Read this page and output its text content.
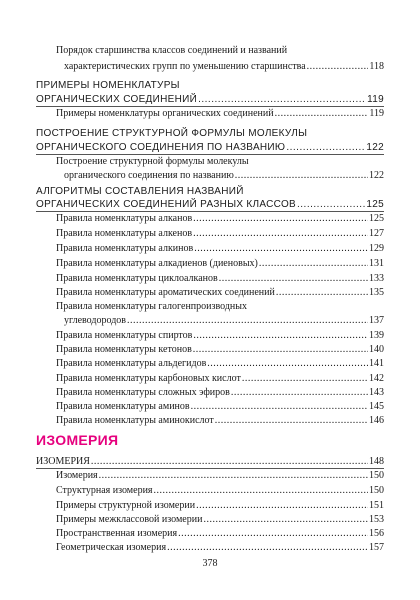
Порядок старшинства классов соединений и названий
характеристических групп по уменьшению старшинства .....	118
ПРИМЕРЫ НОМЕНКЛАТУРЫ
ОРГАНИЧЕСКИХ СОЕДИНЕНИЙ .....	119
Примеры номенклатуры органических соединений .....	119
ПОСТРОЕНИЕ СТРУКТУРНОЙ ФОРМУЛЫ МОЛЕКУЛЫ
ОРГАНИЧЕСКОГО СОЕДИНЕНИЯ ПО НАЗВАНИЮ .....	122
Построение структурной формулы молекулы
органического соединения по названию .....	122
АЛГОРИТМЫ СОСТАВЛЕНИЯ НАЗВАНИЙ
ОРГАНИЧЕСКИХ СОЕДИНЕНИЙ РАЗНЫХ КЛАССОВ .....	125
Правила номенклатуры алканов .....	125
Правила номенклатуры алкенов .....	127
Правила номенклатуры алкинов .....	129
Правила номенклатуры алкадиенов (диеновых) .....	131
Правила номенклатуры циклоалканов .....	133
Правила номенклатуры ароматических соединений .....	135
Правила номенклатуры галогенпроизводных
углеводородов .....	137
Правила номенклатуры спиртов .....	139
Правила номенклатуры кетонов .....	140
Правила номенклатуры альдегидов .....	141
Правила номенклатуры карбоновых кислот .....	142
Правила номенклатуры сложных эфиров .....	143
Правила номенклатуры аминов .....	145
Правила номенклатуры аминокислот .....	146
ИЗОМЕРИЯ
ИЗОМЕРИЯ .....	148
Изомерия .....	150
Структурная изомерия .....	150
Примеры структурной изомерии .....	151
Примеры межклассовой изомерии .....	153
Пространственная изомерия .....	156
Геометрическая изомерия .....	157
378
